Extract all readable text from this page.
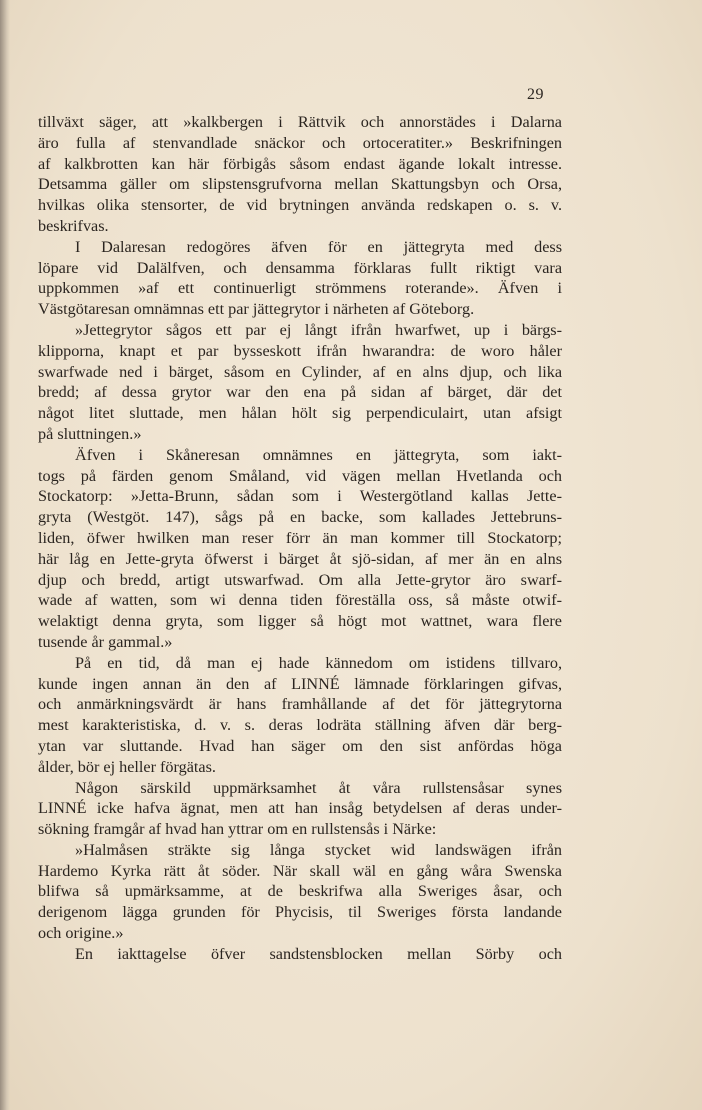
29

tillväxt säger, att »kalkbergen i Rättvik och annorstädes i Dalarna

äro fulla af stenvandlade snäckor och ortoceratiter.» Beskrifningen

af kalkbrotten kan här förbigås såsom endast ägande lokalt intresse.

Detsamma gäller om slipstensgrufvorna mellan Skattungsbyn och Orsa,

hvilkas olika stensorter, de vid brytningen använda redskapen o. s. v.

beskrifvas.

I Dalaresan redogöres äfven för en jättegryta med dess

löpare vid Dalälfven, och densamma förklaras fullt riktigt vara

uppkommen »af ett continuerligt strömmens roterande». Äfven i

Västgötaresan omnämnas ett par jättegrytor i närheten af Göteborg.

»Jettegrytor sågos ett par ej långt ifrån hwarfwet, up i bärgs-

klipporna, knapt et par bysseskott ifrån hwarandra: de woro håler

swarfwade ned i bärget, såsom en Cylinder, af en alns djup, och lika

bredd; af dessa grytor war den ena på sidan af bärget, där det

något litet sluttade, men hålan hölt sig perpendiculairt, utan afsigt

på sluttningen.»

Äfven i Skåneresan omnämnes en jättegryta, som iakt-

togs på färden genom Småland, vid vägen mellan Hvetlanda och

Stockatorp: »Jetta-Brunn, sådan som i Westergötland kallas Jette-

gryta (Westgöt. 147), sågs på en backe, som kallades Jettebruns-

liden, öfwer hwilken man reser förr än man kommer till Stockatorp;

här låg en Jette-gryta öfwerst i bärget åt sjö-sidan, af mer än en alns

djup och bredd, artigt utswarfwad. Om alla Jette-grytor äro swarf-

wade af watten, som wi denna tiden föreställa oss, så måste otwif-

welaktigt denna gryta, som ligger så högt mot wattnet, wara flere

tusende år gammal.»

På en tid, då man ej hade kännedom om istidens tillvaro,

kunde ingen annan än den af LINNÉ lämnade förklaringen gifvas,

och anmärkningsvärdt är hans framhållande af det för jättegrytorna

mest karakteristiska, d. v. s. deras lodräta ställning äfven där berg-

ytan var sluttande. Hvad han säger om den sist anfördas höga

ålder, bör ej heller förgätas.

Någon särskild uppmärksamhet åt våra rullstensåsar synes

LINNÉ icke hafva ägnat, men att han insåg betydelsen af deras under-

sökning framgår af hvad han yttrar om en rullstensås i Närke:

»Halmåsen sträkte sig långa stycket wid landswägen ifrån

Hardemo Kyrka rätt åt söder. När skall wäl en gång wåra Swenska

blifwa så upmärksamme, at de beskrifwa alla Sweriges åsar, och

derigenom lägga grunden för Phycisis, til Sweriges första landande

och origine.»

En iakttagelse öfver sandstensblocken mellan Sörby och
